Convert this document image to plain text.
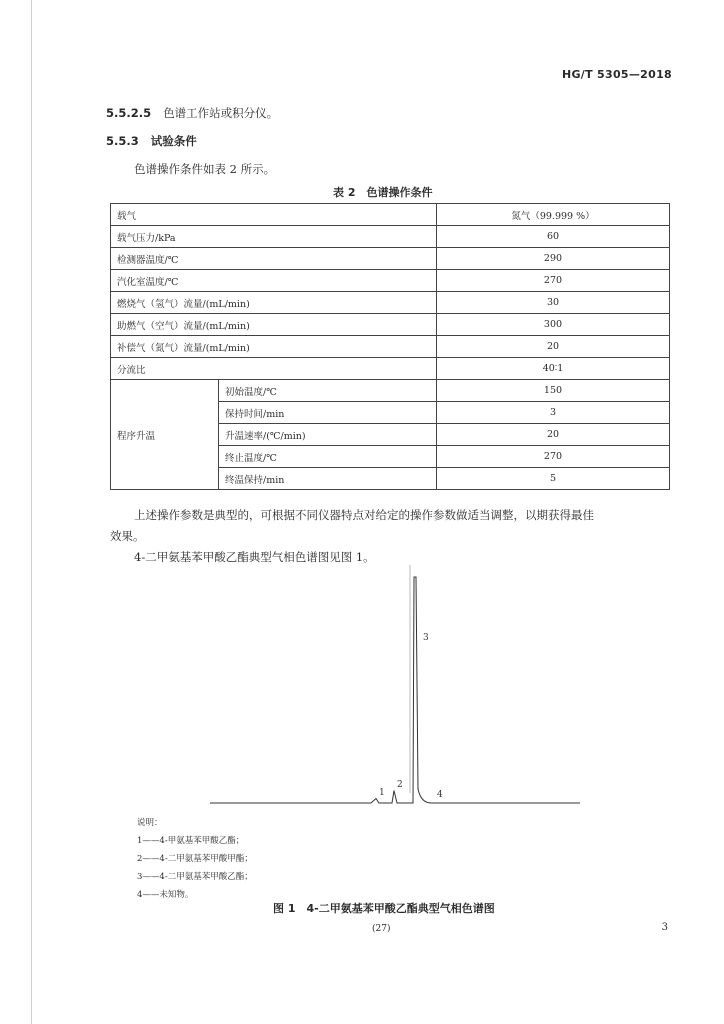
HG/T 5305—2018
5.5.2.5 色谱工作站或积分仪。
5.5.3 试验条件
色谱操作条件如表 2 所示。
表 2　色谱操作条件
载气		氮气（99.999 %）
载气压力/kPa		60
检测器温度/℃		290
汽化室温度/℃		270
燃烧气（氢气）流量/(mL/min)		30
助燃气（空气）流量/(mL/min)		300
补偿气（氮气）流量/(mL/min)		20
分流比		40∶1
程序升温	初始温度/℃	150
	保持时间/min	3
	升温速率/(℃/min)	20
	终止温度/℃	270
	终温保持/min	5
上述操作参数是典型的，可根据不同仪器特点对给定的操作参数做适当调整，以期获得最佳
效果。
4-二甲氨基苯甲酸乙酯典型气相色谱图见图 1。
1
2
3
4
说明：
1——4-甲氨基苯甲酸乙酯；
2——4-二甲氨基苯甲酸甲酯；
3——4-二甲氨基苯甲酸乙酯；
4——未知物。
图 1　4-二甲氨基苯甲酸乙酯典型气相色谱图
(27)	3
